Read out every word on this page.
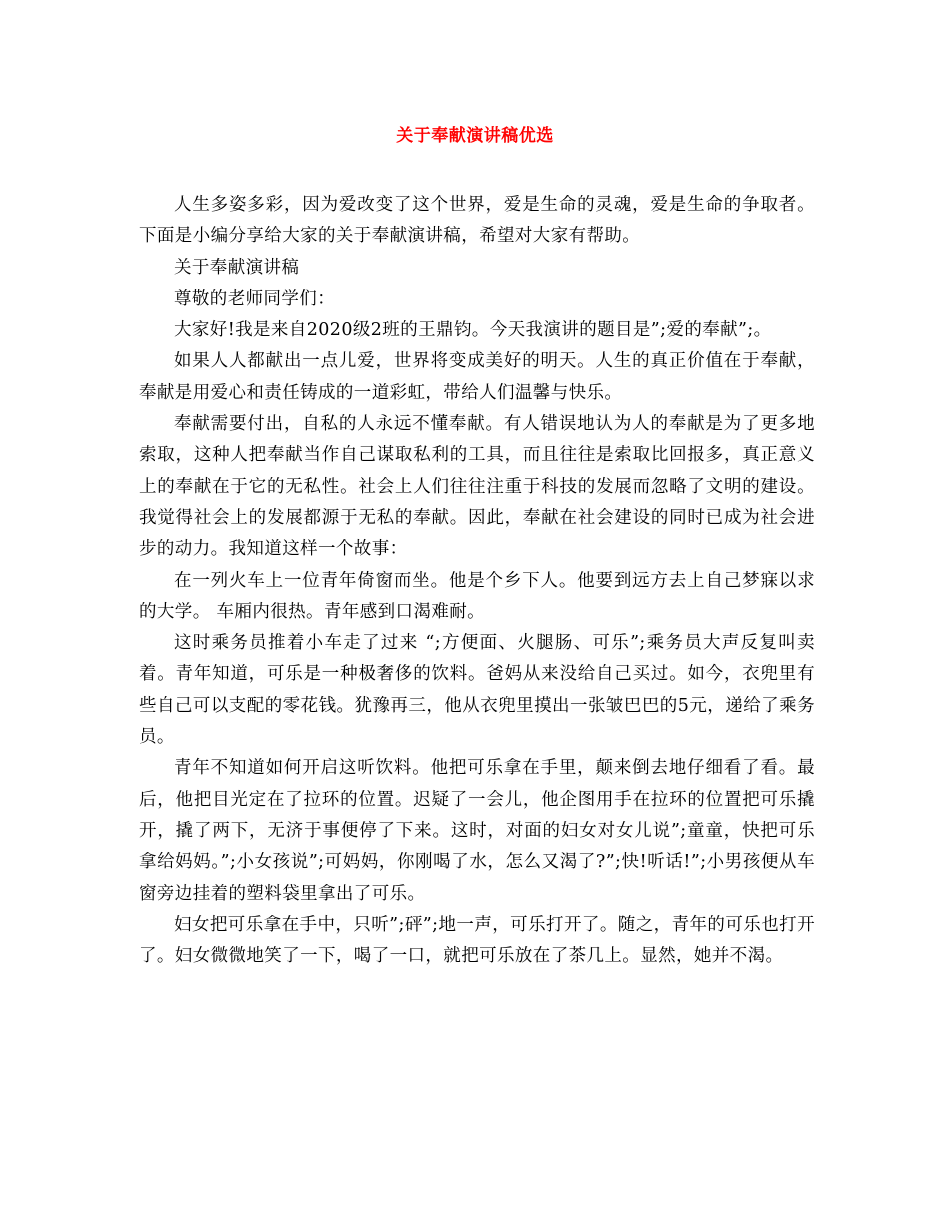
关于奉献演讲稿优选

人生多姿多彩，因为爱改变了这个世界，爱是生命的灵魂，爱是生命的争取者。下面是小编分享给大家的关于奉献演讲稿，希望对大家有帮助。

关于奉献演讲稿

尊敬的老师同学们：

大家好!我是来自2020级2班的王鼎钧。今天我演讲的题目是”;爱的奉献”;。

如果人人都献出一点儿爱，世界将变成美好的明天。人生的真正价值在于奉献，奉献是用爱心和责任铸成的一道彩虹，带给人们温馨与快乐。

奉献需要付出，自私的人永远不懂奉献。有人错误地认为人的奉献是为了更多地索取，这种人把奉献当作自己谋取私利的工具，而且往往是索取比回报多，真正意义上的奉献在于它的无私性。社会上人们往往注重于科技的发展而忽略了文明的建设。我觉得社会上的发展都源于无私的奉献。因此，奉献在社会建设的同时已成为社会进步的动力。我知道这样一个故事：

在一列火车上一位青年倚窗而坐。他是个乡下人。他要到远方去上自己梦寐以求的大学。 车厢内很热。青年感到口渴难耐。

这时乘务员推着小车走了过来 “;方便面、火腿肠、可乐”;乘务员大声反复叫卖着。青年知道，可乐是一种极奢侈的饮料。爸妈从来没给自己买过。如今，衣兜里有些自己可以支配的零花钱。犹豫再三，他从衣兜里摸出一张皱巴巴的5元，递给了乘务员。

青年不知道如何开启这听饮料。他把可乐拿在手里，颠来倒去地仔细看了看。最后，他把目光定在了拉环的位置。迟疑了一会儿，他企图用手在拉环的位置把可乐撬开，撬了两下，无济于事便停了下来。这时，对面的妇女对女儿说”;童童，快把可乐拿给妈妈。”;小女孩说”;可妈妈，你刚喝了水，怎么又渴了?”;快!听话!”;小男孩便从车窗旁边挂着的塑料袋里拿出了可乐。

妇女把可乐拿在手中，只听”;砰”;地一声，可乐打开了。随之，青年的可乐也打开了。妇女微微地笑了一下，喝了一口，就把可乐放在了茶几上。显然，她并不渴。
